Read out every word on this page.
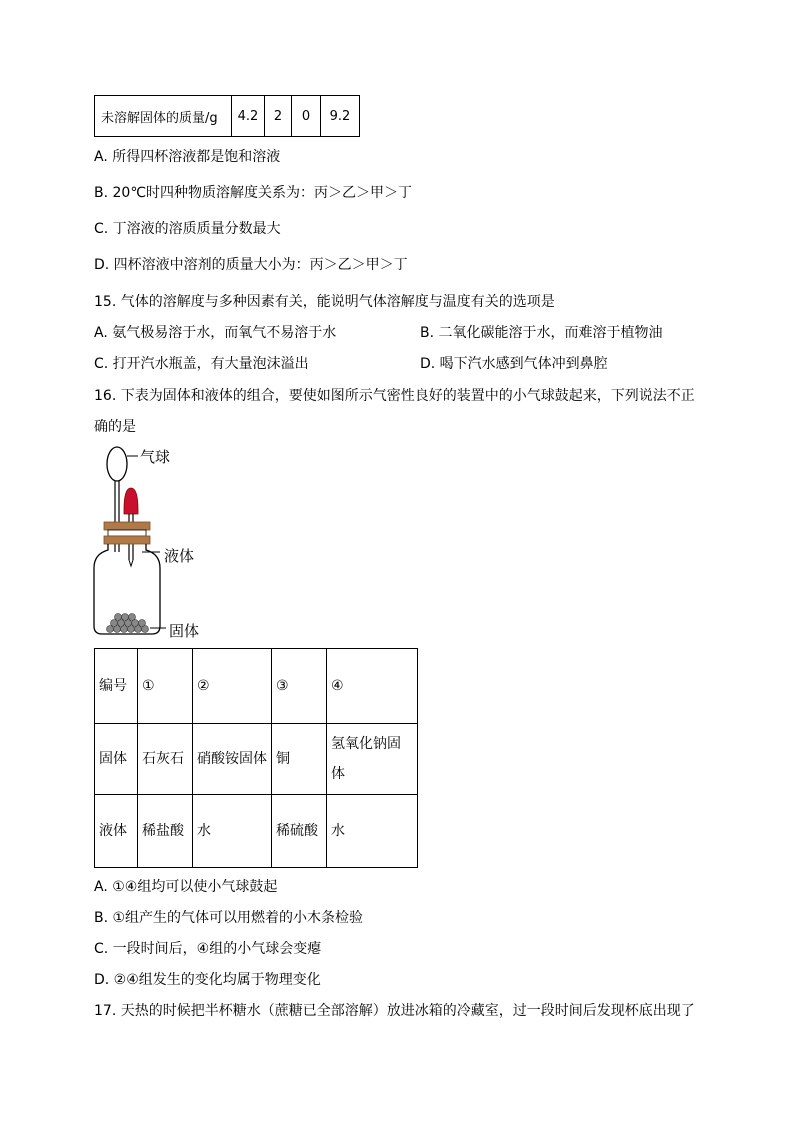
未溶解固体的质量/g	4.2	2	0	9.2
A. 所得四杯溶液都是饱和溶液
B. 20℃时四种物质溶解度关系为：丙＞乙＞甲＞丁
C. 丁溶液的溶质质量分数最大
D. 四杯溶液中溶剂的质量大小为：丙＞乙＞甲＞丁
15. 气体的溶解度与多种因素有关，能说明气体溶解度与温度有关的选项是
A. 氨气极易溶于水，而氧气不易溶于水	B. 二氧化碳能溶于水，而难溶于植物油
C. 打开汽水瓶盖，有大量泡沫溢出	D. 喝下汽水感到气体冲到鼻腔
16. 下表为固体和液体的组合，要使如图所示气密性良好的装置中的小气球鼓起来，下列说法不正
确的是
气球
液体
固体
编号	①	②	③	④
固体	石灰石	硝酸铵固体	铜	氢氧化钠固体
液体	稀盐酸	水	稀硫酸	水
A. ①④组均可以使小气球鼓起
B. ①组产生的气体可以用燃着的小木条检验
C. 一段时间后，④组的小气球会变瘪
D. ②④组发生的变化均属于物理变化
17. 天热的时候把半杯糖水（蔗糖已全部溶解）放进冰箱的冷藏室，过一段时间后发现杯底出现了
